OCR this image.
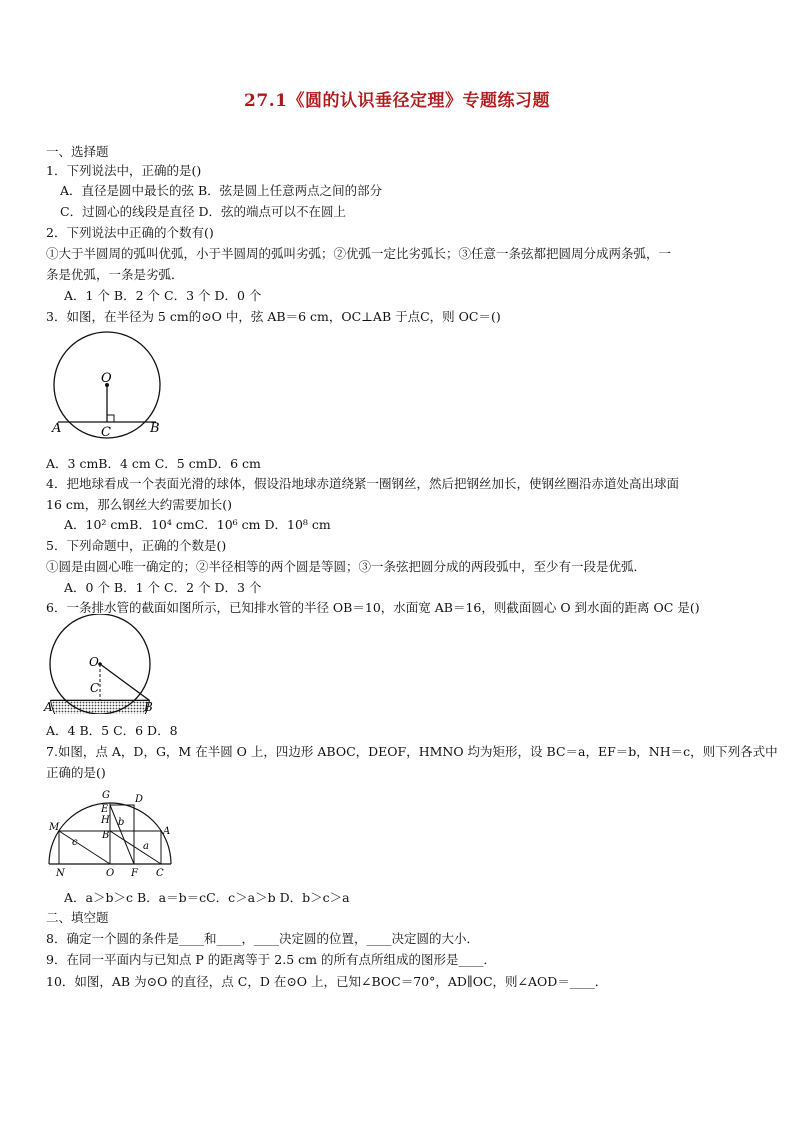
27.1《圆的认识垂径定理》专题练习题
一、选择题
1．下列说法中，正确的是()
A．直径是圆中最长的弦 B．弦是圆上任意两点之间的部分
C．过圆心的线段是直径 D．弦的端点可以不在圆上
2．下列说法中正确的个数有()
①大于半圆周的弧叫优弧，小于半圆周的弧叫劣弧；②优弧一定比劣弧长；③任意一条弦都把圆周分成两条弧，一
条是优弧，一条是劣弧．
A．1 个 B．2 个 C．3 个 D．0 个
3．如图，在半径为 5 cm的⊙O 中，弦 AB＝6 cm，OC⊥AB 于点C，则 OC＝()
O
A	B
C
A．3 cmB．4 cm C．5 cmD．6 cm
4．把地球看成一个表面光滑的球体，假设沿地球赤道绕紧一圈钢丝，然后把钢丝加长，使钢丝圈沿赤道处高出球面
16 cm，那么钢丝大约需要加长()
A．10² cmB．10⁴ cmC．10⁶ cm D．10⁸ cm
5．下列命题中，正确的个数是()
①圆是由圆心唯一确定的；②半径相等的两个圆是等圆；③一条弦把圆分成的两段弧中，至少有一段是优弧．
A．0 个 B．1 个 C．2 个 D．3 个
6．一条排水管的截面如图所示，已知排水管的半径 OB＝10，水面宽 AB＝16，则截面圆心 O 到水面的距离 OC 是()
O
C
A	B
A．4 B．5 C．6 D．8
7.如图，点 A，D，G，M 在半圆 O 上，四边形 ABOC，DEOF，HMNO 均为矩形，设 BC＝a，EF＝b，NH＝c，则下列各式中
正确的是()
G	D
E
H
M
B	A
N	O F C
a
b
c
A．a＞b＞c B．a＝b＝cC．c＞a＞b D．b＞c＞a
二、填空题
8．确定一个圆的条件是____和____，____决定圆的位置，____决定圆的大小．
9．在同一平面内与已知点 P 的距离等于 2.5 cm 的所有点所组成的图形是____．
10．如图，AB 为⊙O 的直径，点 C，D 在⊙O 上，已知∠BOC＝70°，AD∥OC，则∠AOD＝____．
